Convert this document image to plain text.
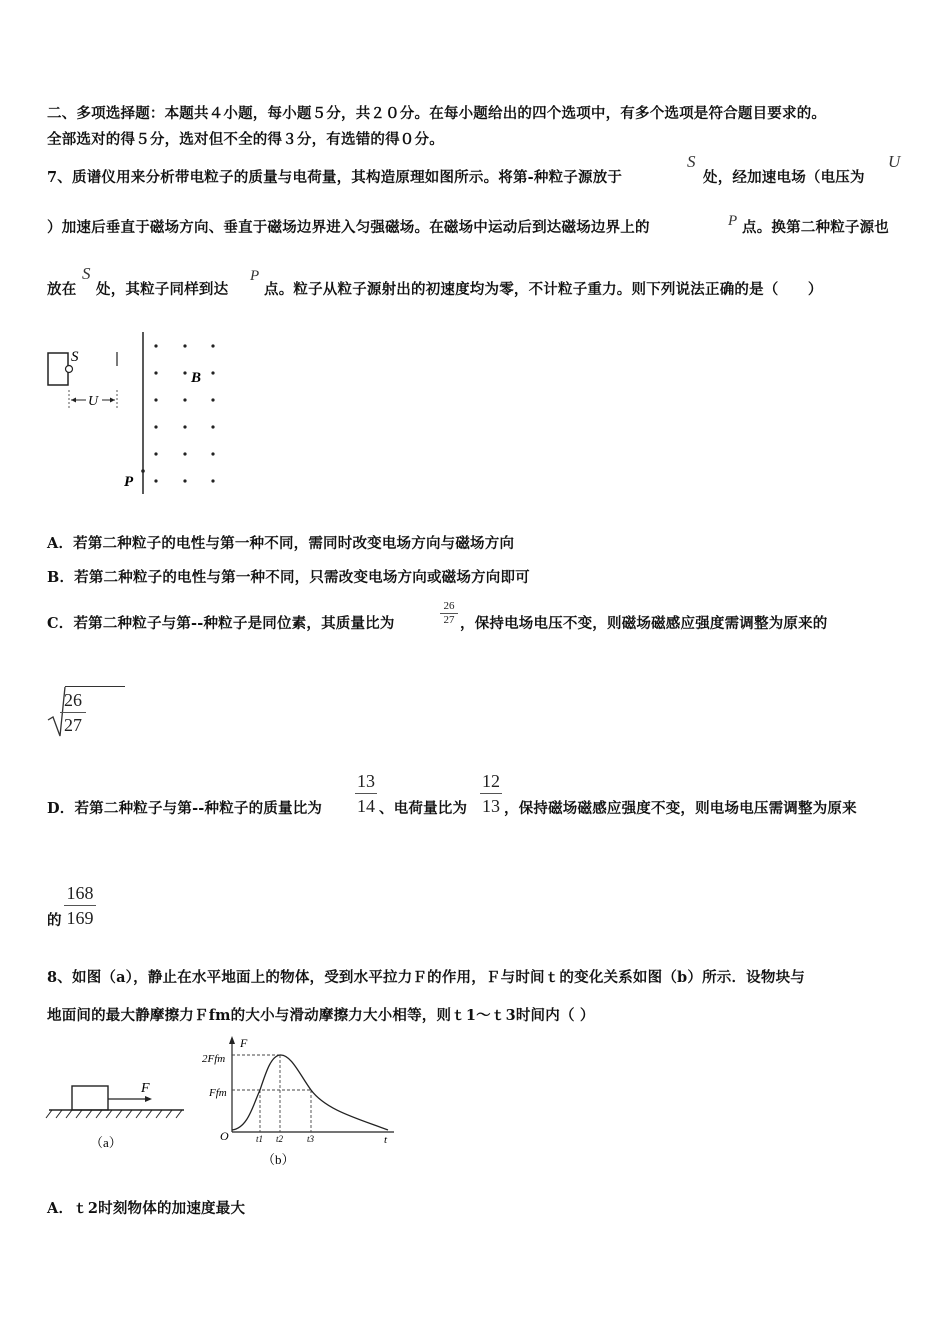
二、多项选择题：本题共４小题，每小题５分，共２０分。在每小题给出的四个选项中，有多个选项是符合题目要求的。
全部选对的得５分，选对但不全的得３分，有选错的得０分。
7、质谱仪用来分析带电粒子的质量与电荷量，其构造原理如图所示。将第-种粒子源放于
S
处，经加速电场（电压为
U
）加速后垂直于磁场方向、垂直于磁场边界进入匀强磁场。在磁场中运动后到达磁场边界上的	P 点。换第二种粒子源也
放在
S
处，其粒子同样到达
P
点。粒子从粒子源射出的初速度均为零，不计粒子重力。则下列说法正确的是（　　）
S
U
B
P
A．若第二种粒子的电性与第一种不同，需同时改变电场方向与磁场方向
B．若第二种粒子的电性与第一种不同，只需改变电场方向或磁场方向即可
C．若第二种粒子与第--种粒子是同位素，其质量比为	$\frac{26}{27}$ ，保持电场电压不变，则磁场磁感应强度需调整为原来的
$\frac{26}{27}$
D．若第二种粒子与第--种粒子的质量比为 $\frac{13}{14}$ 、电荷量比为 $\frac{12}{13}$ ，保持磁场磁感应强度不变，则电场电压需调整为原来
的 $\frac{168}{169}$
8、如图（a），静止在水平地面上的物体，受到水平拉力Ｆ的作用，Ｆ与时间ｔ的变化关系如图（b）所示．设物块与
地面间的最大静摩擦力Ｆfm的大小与滑动摩擦力大小相等，则ｔ1～ｔ3时间内（ ）
F
（a）
F
2Ffm
Ffm
O	t1 t2	t3	t
（b）
A．ｔ2时刻物体的加速度最大
